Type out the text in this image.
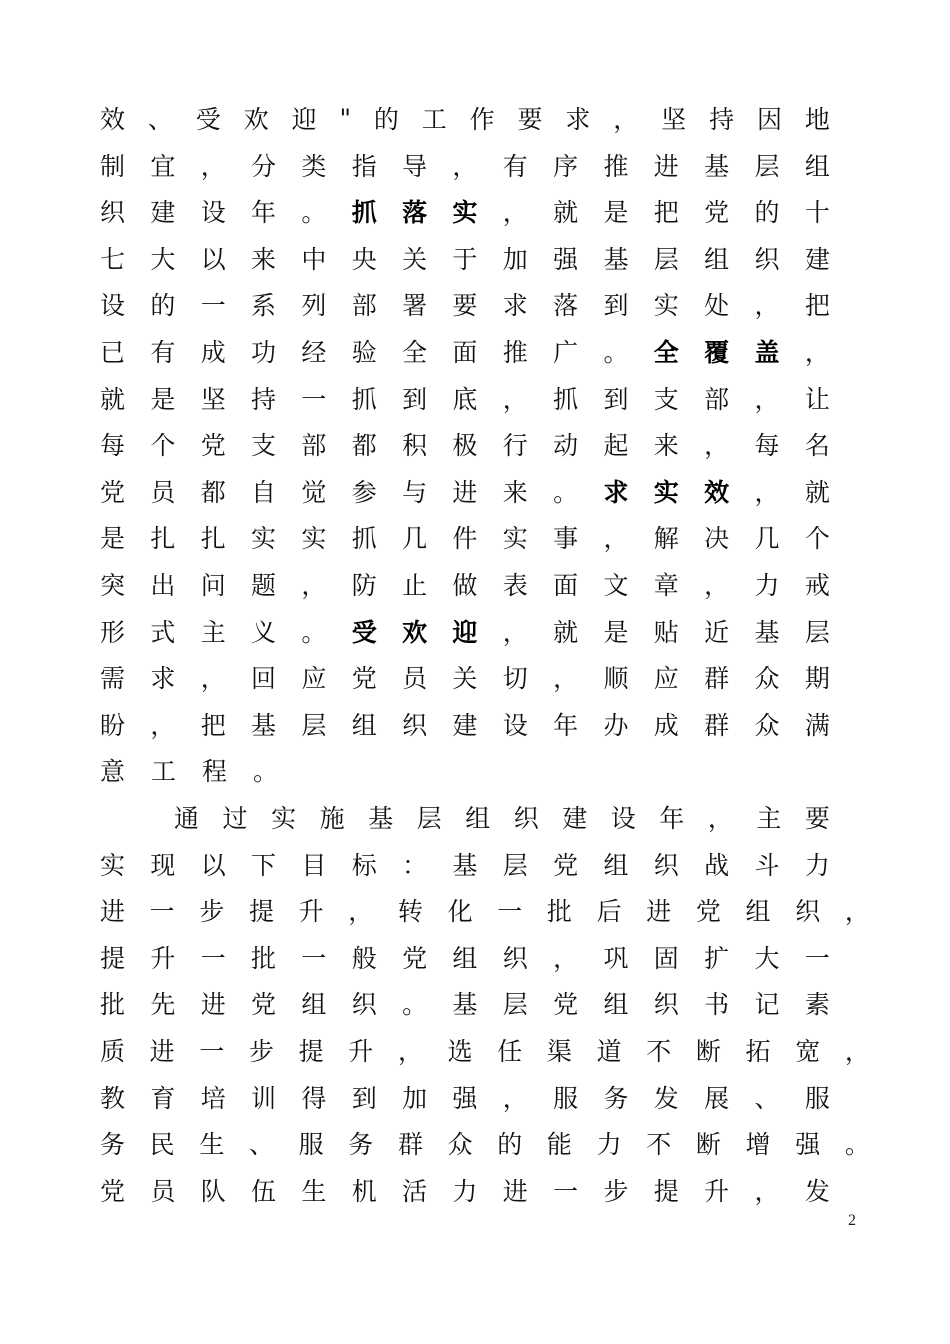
效 、 受 欢 迎 " 的 工 作 要 求 ， 坚 持 因 地
制 宜 ， 分 类 指 导 ， 有 序 推 进 基 层 组
织 建 设 年 。 抓 落 实 ， 就 是 把 党 的 十
七 大 以 来 中 央 关 于 加 强 基 层 组 织 建
设 的 一 系 列 部 署 要 求 落 到 实 处 ， 把
已 有 成 功 经 验 全 面 推 广 。 全 覆 盖 ，
就 是 坚 持 一 抓 到 底 ， 抓 到 支 部 ， 让
每 个 党 支 部 都 积 极 行 动 起 来 ， 每 名
党 员 都 自 觉 参 与 进 来 。 求 实 效 ， 就
是 扎 扎 实 实 抓 几 件 实 事 ， 解 决 几 个
突 出 问 题 ， 防 止 做 表 面 文 章 ， 力 戒
形 式 主 义 。 受 欢 迎 ， 就 是 贴 近 基 层
需 求 ， 回 应 党 员 关 切 ， 顺 应 群 众 期
盼 ， 把 基 层 组 织 建 设 年 办 成 群 众 满
意 工 程 。
通 过 实 施 基 层 组 织 建 设 年 ， 主 要
实 现 以 下 目 标 ： 基 层 党 组 织 战 斗 力
进 一 步 提 升 ， 转 化 一 批 后 进 党 组 织 ，
提 升 一 批 一 般 党 组 织 ， 巩 固 扩 大 一
批 先 进 党 组 织 。 基 层 党 组 织 书 记 素
质 进 一 步 提 升 ， 选 任 渠 道 不 断 拓 宽 ，
教 育 培 训 得 到 加 强 ， 服 务 发 展 、 服
务 民 生 、 服 务 群 众 的 能 力 不 断 增 强 。
党 员 队 伍 生 机 活 力 进 一 步 提 升 ， 发
2
